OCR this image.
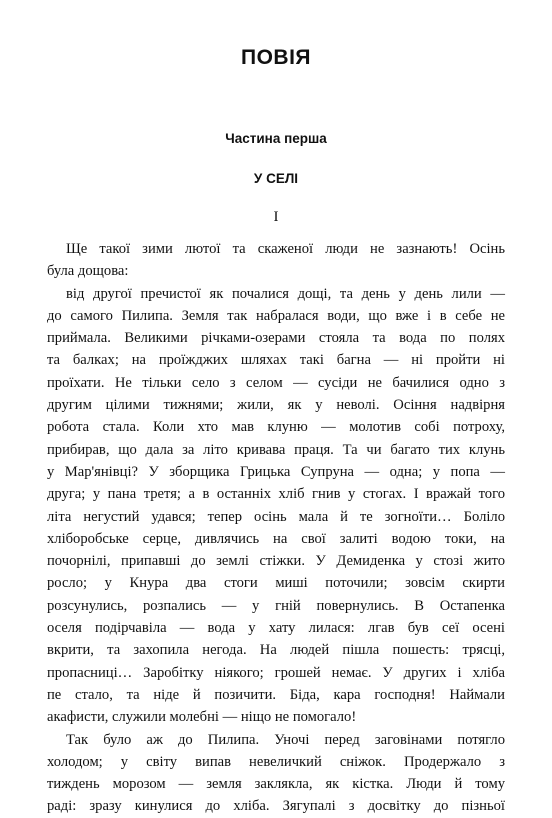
ПОВІЯ
Частина перша
У СЕЛІ
I
Ще такої зими лютої та скаженої люди не зазнають! Осінь
була дощова:
від другої пречистої як почалися дощі, та день у день лили —
до самого Пилипа. Земля так набралася води, що вже і в себе не
приймала. Великими річками-озерами стояла та вода по полях
та балках; на проїжджих шляхах такі багна — ні пройти ні
проїхати. Не тільки село з селом — сусіди не бачилися одно з
другим цілими тижнями; жили, як у неволі. Осіння надвірня
робота стала. Коли хто мав клуню — молотив собі потроху,
прибирав, що дала за літо кривава праця. Та чи багато тих клунь
у Мар'янівці? У зборщика Грицька Супруна — одна; у попа —
друга; у пана третя; а в останніх хліб гнив у стогах. І вражай того
літа негустий удався; тепер осінь мала й те зогноїти… Боліло
хліборобське серце, дивлячись на свої залиті водою токи, на
почорнілі, припавші до землі стіжки. У Демиденка у стозі жито
росло; у Кнура два стоги миші поточили; зовсім скирти
розсунулись, розпались — у гній повернулись. В Остапенка
оселя подірчавіла — вода у хату лилася: лгав був сеї осені
вкрити, та захопила негода. На людей пішла пошесть: трясці,
пропасниці… Заробітку ніякого; грошей немає. У других і хліба
пе стало, та ніде й позичити. Біда, кара господня! Наймали
акафисти, служили молебні — ніщо не помогало!
Так було аж до Пилипа. Уночі перед заговінами потягло
холодом; у світу випав невеличкий сніжок. Продержало з
тиждень морозом — земля заклякла, як кістка. Люди й тому
раді: зразу кинулися до хліба. Зягупалі з досвітку до пізньої
